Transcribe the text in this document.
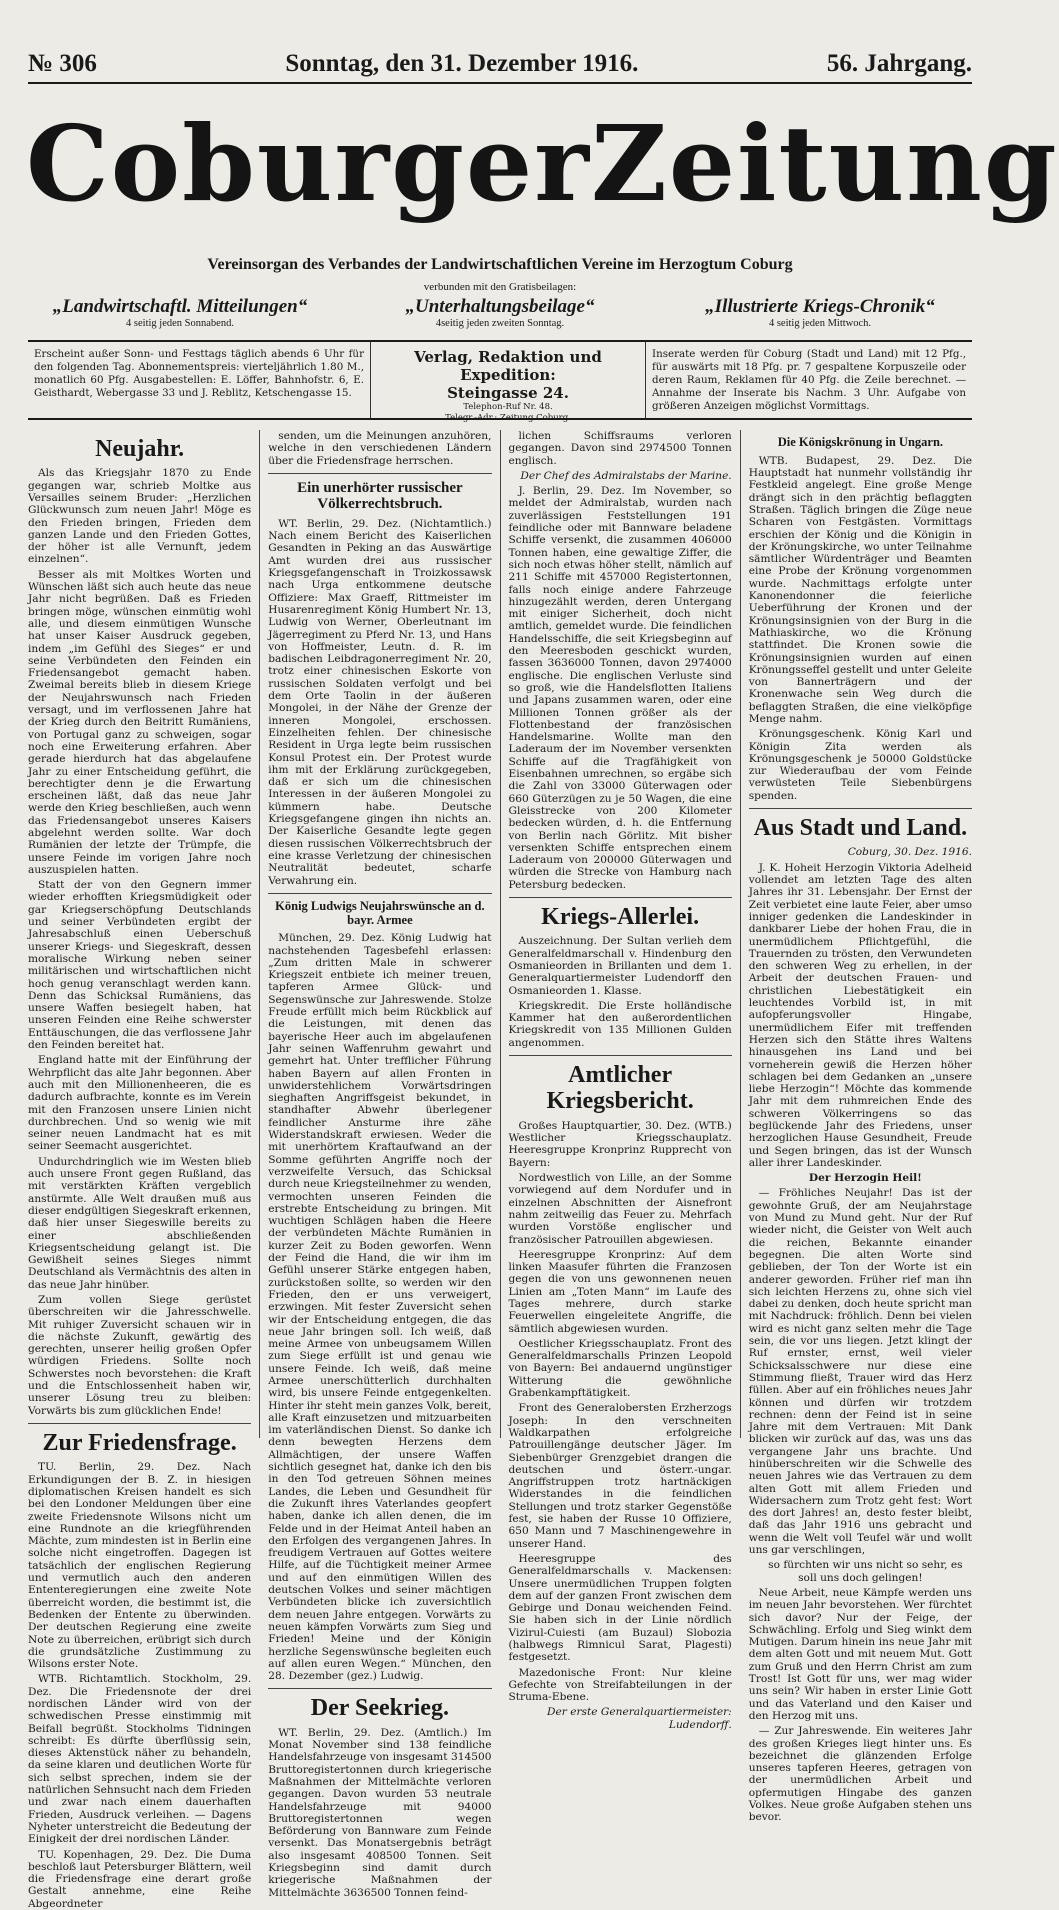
№ 306	Sonntag, den 31. Dezember 1916.	56. Jahrgang.
Coburger Zeitung
Vereinsorgan des Verbandes der Landwirtschaftlichen Vereine im Herzogtum Coburg
verbunden mit den Gratisbeilagen:
„Landwirtschaftl. Mitteilungen“
4 seitig jeden Sonnabend.
„Unterhaltungsbeilage“
4seitig jeden zweiten Sonntag.
„Illustrierte Kriegs-Chronik“
4 seitig jeden Mittwoch.
Erscheint außer Sonn- und Festtags täglich abends 6 Uhr für den folgenden Tag. Abonnementspreis: vierteljährlich 1.80 M., monatlich 60 Pfg. Ausgabestellen: E. Löffer, Bahnhofstr. 6, E. Geisthardt, Webergasse 33 und J. Reblitz, Ketschengasse 15.
Verlag, Redaktion und Expedition:
Steingasse 24.
Telephon-Ruf Nr. 48.
Telegr.-Adr.: Zeitung Coburg.
Inserate werden für Coburg (Stadt und Land) mit 12 Pfg., für auswärts mit 18 Pfg. pr. 7 gespaltene Korpuszeile oder deren Raum, Reklamen für 40 Pfg. die Zeile berechnet. — Annahme der Inserate bis Nachm. 3 Uhr. Aufgabe von größeren Anzeigen möglichst Vormittags.
Neujahr.

Als das Kriegsjahr 1870 zu Ende gegangen war, schrieb Moltke aus Versailles seinem Bruder: „Herzlichen Glückwunsch zum neuen Jahr! Möge es den Frieden bringen, Frieden dem ganzen Lande und den Frieden Gottes, der höher ist alle Vernunft, jedem einzelnen“.

Besser als mit Moltkes Worten und Wünschen läßt sich auch heute das neue Jahr nicht begrüßen. Daß es Frieden bringen möge, wünschen einmütig wohl alle, und diesem einmütigen Wunsche hat unser Kaiser Ausdruck gegeben, indem „im Gefühl des Sieges“ er und seine Verbündeten den Feinden ein Friedensangebot gemacht haben. Zweimal bereits blieb in diesem Kriege der Neujahrswunsch nach Frieden versagt, und im verflossenen Jahre hat der Krieg durch den Beitritt Rumäniens, von Portugal ganz zu schweigen, sogar noch eine Erweiterung erfahren. Aber gerade hierdurch hat das abgelaufene Jahr zu einer Entscheidung geführt, die berechtigter denn je die Erwartung erscheinen läßt, daß das neue Jahr werde den Krieg beschließen, auch wenn das Friedensangebot unseres Kaisers abgelehnt werden sollte. War doch Rumänien der letzte der Trümpfe, die unsere Feinde im vorigen Jahre noch auszuspielen hatten.

Statt der von den Gegnern immer wieder erhofften Kriegsmüdigkeit oder gar Kriegserschöpfung Deutschlands und seiner Verbündeten ergibt der Jahresabschluß einen Ueberschuß unserer Kriegs- und Siegeskraft, dessen moralische Wirkung neben seiner militärischen und wirtschaftlichen nicht hoch genug veranschlagt werden kann. Denn das Schicksal Rumäniens, das unsere Waffen besiegelt haben, hat unseren Feinden eine Reihe schwerster Enttäuschungen, die das verflossene Jahr den Feinden bereitet hat.

England hatte mit der Einführung der Wehrpflicht das alte Jahr begonnen. Aber auch mit den Millionenheeren, die es dadurch aufbrachte, konnte es im Verein mit den Franzosen unsere Linien nicht durchbrechen. Und so wenig wie mit seiner neuen Landmacht hat es mit seiner Seemacht ausgerichtet.

Undurchdringlich wie im Westen blieb auch unsere Front gegen Rußland, das mit verstärkten Kräften vergeblich anstürmte. Alle Welt draußen muß aus dieser endgültigen Siegeskraft erkennen, daß hier unser Siegeswille bereits zu einer abschließenden Kriegsentscheidung gelangt ist. Die Gewißheit seines Sieges nimmt Deutschland als Vermächtnis des alten in das neue Jahr hinüber.

Zum vollen Siege gerüstet überschreiten wir die Jahresschwelle. Mit ruhiger Zuversicht schauen wir in die nächste Zukunft, gewärtig des gerechten, unserer heilig großen Opfer würdigen Friedens. Sollte noch Schwerstes noch bevorstehen: die Kraft und die Entschlossenheit haben wir, unserer Lösung treu zu bleiben: Vorwärts bis zum glücklichen Ende!

Zur Friedensfrage.

TU. Berlin, 29. Dez. Nach Erkundigungen der B. Z. in hiesigen diplomatischen Kreisen handelt es sich bei den Londoner Meldungen über eine zweite Friedensnote Wilsons nicht um eine Rundnote an die kriegführenden Mächte, zum mindesten ist in Berlin eine solche nicht eingetroffen. Dagegen ist tatsächlich der englischen Regierung und vermutlich auch den anderen Ententeregierungen eine zweite Note überreicht worden, die bestimmt ist, die Bedenken der Entente zu überwinden. Der deutschen Regierung eine zweite Note zu überreichen, erübrigt sich durch die grundsätzliche Zustimmung zu Wilsons erster Note.

WTB. Richtamtlich. Stockholm, 29. Dez. Die Friedensnote der drei nordischen Länder wird von der schwedischen Presse einstimmig mit Beifall begrüßt. Stockholms Tidningen schreibt: Es dürfte überflüssig sein, dieses Aktenstück näher zu behandeln, da seine klaren und deutlichen Worte für sich selbst sprechen, indem sie der natürlichen Sehnsucht nach dem Frieden und zwar nach einem dauerhaften Frieden, Ausdruck verleihen. — Dagens Nyheter unterstreicht die Bedeutung der Einigkeit der drei nordischen Länder.

TU. Kopenhagen, 29. Dez. Die Duma beschloß laut Petersburger Blättern, weil die Friedensfrage eine derart große Gestalt annehme, eine Reihe Abgeordneter

senden, um die Meinungen anzuhören, welche in den verschiedenen Ländern über die Friedensfrage herrschen.

Ein unerhörter russischer Völkerrechtsbruch.

WT. Berlin, 29. Dez. (Nichtamtlich.) Nach einem Bericht des Kaiserlichen Gesandten in Peking an das Auswärtige Amt wurden drei aus russischer Kriegsgefangenschaft in Troizkossawsk nach Urga entkommene deutsche Offiziere: Max Graeff, Rittmeister im Husarenregiment König Humbert Nr. 13, Ludwig von Werner, Oberleutnant im Jägerregiment zu Pferd Nr. 13, und Hans von Hoffmeister, Leutn. d. R. im badischen Leibdragonerregiment Nr. 20, trotz einer chinesischen Eskorte von russischen Soldaten verfolgt und bei dem Orte Taolin in der äußeren Mongolei, in der Nähe der Grenze der inneren Mongolei, erschossen. Einzelheiten fehlen. Der chinesische Resident in Urga legte beim russischen Konsul Protest ein. Der Protest wurde ihm mit der Erklärung zurückgegeben, daß er sich um die chinesischen Interessen in der äußeren Mongolei zu kümmern habe. Deutsche Kriegsgefangene gingen ihn nichts an. Der Kaiserliche Gesandte legte gegen diesen russischen Völkerrechtsbruch der eine krasse Verletzung der chinesischen Neutralität bedeutet, scharfe Verwahrung ein.

König Ludwigs Neujahrswünsche an d. bayr. Armee

München, 29. Dez. König Ludwig hat nachstehenden Tagesbefehl erlassen: „Zum dritten Male in schwerer Kriegszeit entbiete ich meiner treuen, tapferen Armee Glück- und Segenswünsche zur Jahreswende. Stolze Freude erfüllt mich beim Rückblick auf die Leistungen, mit denen das bayerische Heer auch im abgelaufenen Jahr seinen Waffenruhm gewahrt und gemehrt hat. Unter trefflicher Führung haben Bayern auf allen Fronten in unwiderstehlichem Vorwärtsdringen sieghaften Angriffsgeist bekundet, in standhafter Abwehr überlegener feindlicher Ansturme ihre zähe Widerstandskraft erwiesen. Weder die mit unerhörtem Kraftaufwand an der Somme geführten Angriffe noch der verzweifelte Versuch, das Schicksal durch neue Kriegsteilnehmer zu wenden, vermochten unseren Feinden die erstrebte Entscheidung zu bringen. Mit wuchtigen Schlägen haben die Heere der verbündeten Mächte Rumänien in kurzer Zeit zu Boden geworfen. Wenn der Feind die Hand, die wir ihm im Gefühl unserer Stärke entgegen haben, zurückstoßen sollte, so werden wir den Frieden, den er uns verweigert, erzwingen. Mit fester Zuversicht sehen wir der Entscheidung entgegen, die das neue Jahr bringen soll. Ich weiß, daß meine Armee von unbeugsamem Willen zum Siege erfüllt ist und genau wie unsere Feinde. Ich weiß, daß meine Armee unerschütterlich durchhalten wird, bis unsere Feinde entgegenkelten. Hinter ihr steht mein ganzes Volk, bereit, alle Kraft einzusetzen und mitzuarbeiten im vaterländischen Dienst. So danke ich denn bewegten Herzens dem Allmächtigen, der unsere Waffen sichtlich gesegnet hat, danke ich den bis in den Tod getreuen Söhnen meines Landes, die Leben und Gesundheit für die Zukunft ihres Vaterlandes geopfert haben, danke ich allen denen, die im Felde und in der Heimat Anteil haben an den Erfolgen des vergangenen Jahres. In freudigem Vertrauen auf Gottes weitere Hilfe, auf die Tüchtigkeit meiner Armee und auf den einmütigen Willen des deutschen Volkes und seiner mächtigen Verbündeten blicke ich zuversichtlich dem neuen Jahre entgegen. Vorwärts zu neuen kämpfen Vorwärts zum Sieg und Frieden! Meine und der Königin herzliche Segenswünsche begleiten euch auf allen euren Wegen.“ München, den 28. Dezember (gez.) Ludwig.

Der Seekrieg.

WT. Berlin, 29. Dez. (Amtlich.) Im Monat November sind 138 feindliche Handelsfahrzeuge von insgesamt 314500 Bruttoregistertonnen durch kriegerische Maßnahmen der Mittelmächte verloren gegangen. Davon wurden 53 neutrale Handelsfahrzeuge mit 94000 Bruttoregistertonnen wegen Beförderung von Bannware zum Feinde versenkt. Das Monatsergebnis beträgt also insgesamt 408500 Tonnen. Seit Kriegsbeginn sind damit durch kriegerische Maßnahmen der Mittelmächte 3636500 Tonnen feind-

lichen Schiffsraums verloren gegangen. Davon sind 2974500 Tonnen englisch.

Der Chef des Admiralstabs der Marine.

J. Berlin, 29. Dez. Im November, so meldet der Admiralstab, wurden nach zuverlässigen Feststellungen 191 feindliche oder mit Bannware beladene Schiffe versenkt, die zusammen 406000 Tonnen haben, eine gewaltige Ziffer, die sich noch etwas höher stellt, nämlich auf 211 Schiffe mit 457000 Registertonnen, falls noch einige andere Fahrzeuge hinzugezählt werden, deren Untergang mit einiger Sicherheit, doch nicht amtlich, gemeldet wurde. Die feindlichen Handelsschiffe, die seit Kriegsbeginn auf den Meeresboden geschickt wurden, fassen 3636000 Tonnen, davon 2974000 englische. Die englischen Verluste sind so groß, wie die Handelsflotten Italiens und Japans zusammen waren, oder eine Millionen Tonnen größer als der Flottenbestand der französischen Handelsmarine. Wollte man den Laderaum der im November versenkten Schiffe auf die Tragfähigkeit von Eisenbahnen umrechnen, so ergäbe sich die Zahl von 33000 Güterwagen oder 660 Güterzügen zu je 50 Wagen, die eine Gleisstrecke von 200 Kilometer bedecken würden, d. h. die Entfernung von Berlin nach Görlitz. Mit bisher versenkten Schiffe entsprechen einem Laderaum von 200000 Güterwagen und würden die Strecke von Hamburg nach Petersburg bedecken.

Kriegs-Allerlei.

Auszeichnung. Der Sultan verlieh dem Generalfeldmarschall v. Hindenburg den Osmanieorden in Brillanten und dem 1. Generalquartiermeister Ludendorff den Osmanieorden 1. Klasse.

Kriegskredit. Die Erste holländische Kammer hat den außerordentlichen Kriegskredit von 135 Millionen Gulden angenommen.

Amtlicher Kriegsbericht.

Großes Hauptquartier, 30. Dez. (WTB.) Westlicher Kriegsschauplatz. Heeresgruppe Kronprinz Rupprecht von Bayern:

Nordwestlich von Lille, an der Somme vorwiegend auf dem Nordufer und in einzelnen Abschnitten der Aisnefront nahm zeitweilig das Feuer zu. Mehrfach wurden Vorstöße englischer und französischer Patrouillen abgewiesen.

Heeresgruppe Kronprinz: Auf dem linken Maasufer führten die Franzosen gegen die von uns gewonnenen neuen Linien am „Toten Mann“ im Laufe des Tages mehrere, durch starke Feuerwellen eingeleitete Angriffe, die sämtlich abgewiesen wurden.

Oestlicher Kriegsschauplatz. Front des Generalfeldmarschalls Prinzen Leopold von Bayern: Bei andauernd ungünstiger Witterung die gewöhnliche Grabenkampftätigkeit.

Front des Generalobersten Erzherzogs Joseph: In den verschneiten Waldkarpathen erfolgreiche Patrouillengänge deutscher Jäger. Im Siebenbürger Grenzgebiet drangen die deutschen und österr.-ungar. Angriffstruppen trotz hartnäckigen Widerstandes in die feindlichen Stellungen und trotz starker Gegenstöße fest, sie haben der Russe 10 Offiziere, 650 Mann und 7 Maschinengewehre in unserer Hand.

Heeresgruppe des Generalfeldmarschalls v. Mackensen: Unsere unermüdlichen Truppen folgten dem auf der ganzen Front zwischen dem Gebirge und Donau weichenden Feind. Sie haben sich in der Linie nördlich Vizirul-Cuiesti (am Buzaul) Slobozia (halbwegs Rimnicul Sarat, Plagesti) festgesetzt.

Mazedonische Front: Nur kleine Gefechte von Streifabteilungen in der Struma-Ebene.

Der erste Generalquartiermeister: Ludendorff.

Die Königskrönung in Ungarn.

WTB. Budapest, 29. Dez. Die Hauptstadt hat nunmehr vollständig ihr Festkleid angelegt. Eine große Menge drängt sich in den prächtig beflaggten Straßen. Täglich bringen die Züge neue Scharen von Festgästen. Vormittags erschien der König und die Königin in der Krönungskirche, wo unter Teilnahme sämtlicher Würdenträger und Beamten eine Probe der Krönung vorgenommen wurde. Nachmittags erfolgte unter Kanonendonner die feierliche Ueberführung der Kronen und der Krönungsinsignien von der Burg in die Mathiaskirche, wo die Krönung stattfindet. Die Kronen sowie die Krönungsinsignien wurden auf einen Krönungsseffel gestellt und unter Geleite von Bannerträgern und der Kronenwache sein Weg durch die beflaggten Straßen, die eine vielköpfige Menge nahm.

Krönungsgeschenk. König Karl und Königin Zita werden als Krönungsgeschenk je 50000 Goldstücke zur Wiederaufbau der vom Feinde verwüsteten Teile Siebenbürgens spenden.

Aus Stadt und Land.

Coburg, 30. Dez. 1916.

J. K. Hoheit Herzogin Viktoria Adelheid vollendet am letzten Tage des alten Jahres ihr 31. Lebensjahr. Der Ernst der Zeit verbietet eine laute Feier, aber umso inniger gedenken die Landeskinder in dankbarer Liebe der hohen Frau, die in unermüdlichem Pflichtgefühl, die Trauernden zu trösten, den Verwundeten den schweren Weg zu erhellen, in der Arbeit der deutschen Frauen- und christlichen Liebestätigkeit ein leuchtendes Vorbild ist, in mit aufopferungsvoller Hingabe, unermüdlichem Eifer mit treffenden Herzen sich den Stätte ihres Waltens hinausgehen ins Land und bei vorneherein gewiß die Herzen höher schlagen bei dem Gedanken an „unsere liebe Herzogin“! Möchte das kommende Jahr mit dem ruhmreichen Ende des schweren Völkerringens so das beglückende Jahr des Friedens, unser herzoglichen Hause Gesundheit, Freude und Segen bringen, das ist der Wunsch aller ihrer Landeskinder.

Der Herzogin Heil!

— Fröhliches Neujahr! Das ist der gewohnte Gruß, der am Neujahrstage von Mund zu Mund geht. Nur der Ruf wieder nicht, die Geister von Welt auch die reichen, Bekannte einander begegnen. Die alten Worte sind geblieben, der Ton der Worte ist ein anderer geworden. Früher rief man ihn sich leichten Herzens zu, ohne sich viel dabei zu denken, doch heute spricht man mit Nachdruck: fröhlich. Denn bei vielen wird es nicht ganz selten mehr die Tage sein, die vor uns liegen. Jetzt klingt der Ruf ernster, ernst, weil vieler Schicksalsschwere nur diese eine Stimmung fließt, Trauer wird das Herz füllen. Aber auf ein fröhliches neues Jahr können und dürfen wir trotzdem rechnen: denn der Feind ist in seine Jahre mit dem Vertrauen: Mit Dank blicken wir zurück auf das, was uns das vergangene Jahr uns brachte. Und hinüberschreiten wir die Schwelle des neuen Jahres wie das Vertrauen zu dem alten Gott mit allem Frieden und Widersachern zum Trotz geht fest: Wort des dort Jahres! an, desto fester bleibt, daß das Jahr 1916 uns gebracht und wenn die Welt voll Teufel wär und wollt uns gar verschlingen,

so fürchten wir uns nicht so sehr, es soll uns doch gelingen!

Neue Arbeit, neue Kämpfe werden uns im neuen Jahr bevorstehen. Wer fürchtet sich davor? Nur der Feige, der Schwächling. Erfolg und Sieg winkt dem Mutigen. Darum hinein ins neue Jahr mit dem alten Gott und mit neuem Mut. Gott zum Gruß und den Herrn Christ am zum Trost! Ist Gott für uns, wer mag wider uns sein? Wir haben in erster Linie Gott und das Vaterland und den Kaiser und den Herzog mit uns.

— Zur Jahreswende. Ein weiteres Jahr des großen Krieges liegt hinter uns. Es bezeichnet die glänzenden Erfolge unseres tapferen Heeres, getragen von der unermüdlichen Arbeit und opfermutigen Hingabe des ganzen Volkes. Neue große Aufgaben stehen uns bevor.
